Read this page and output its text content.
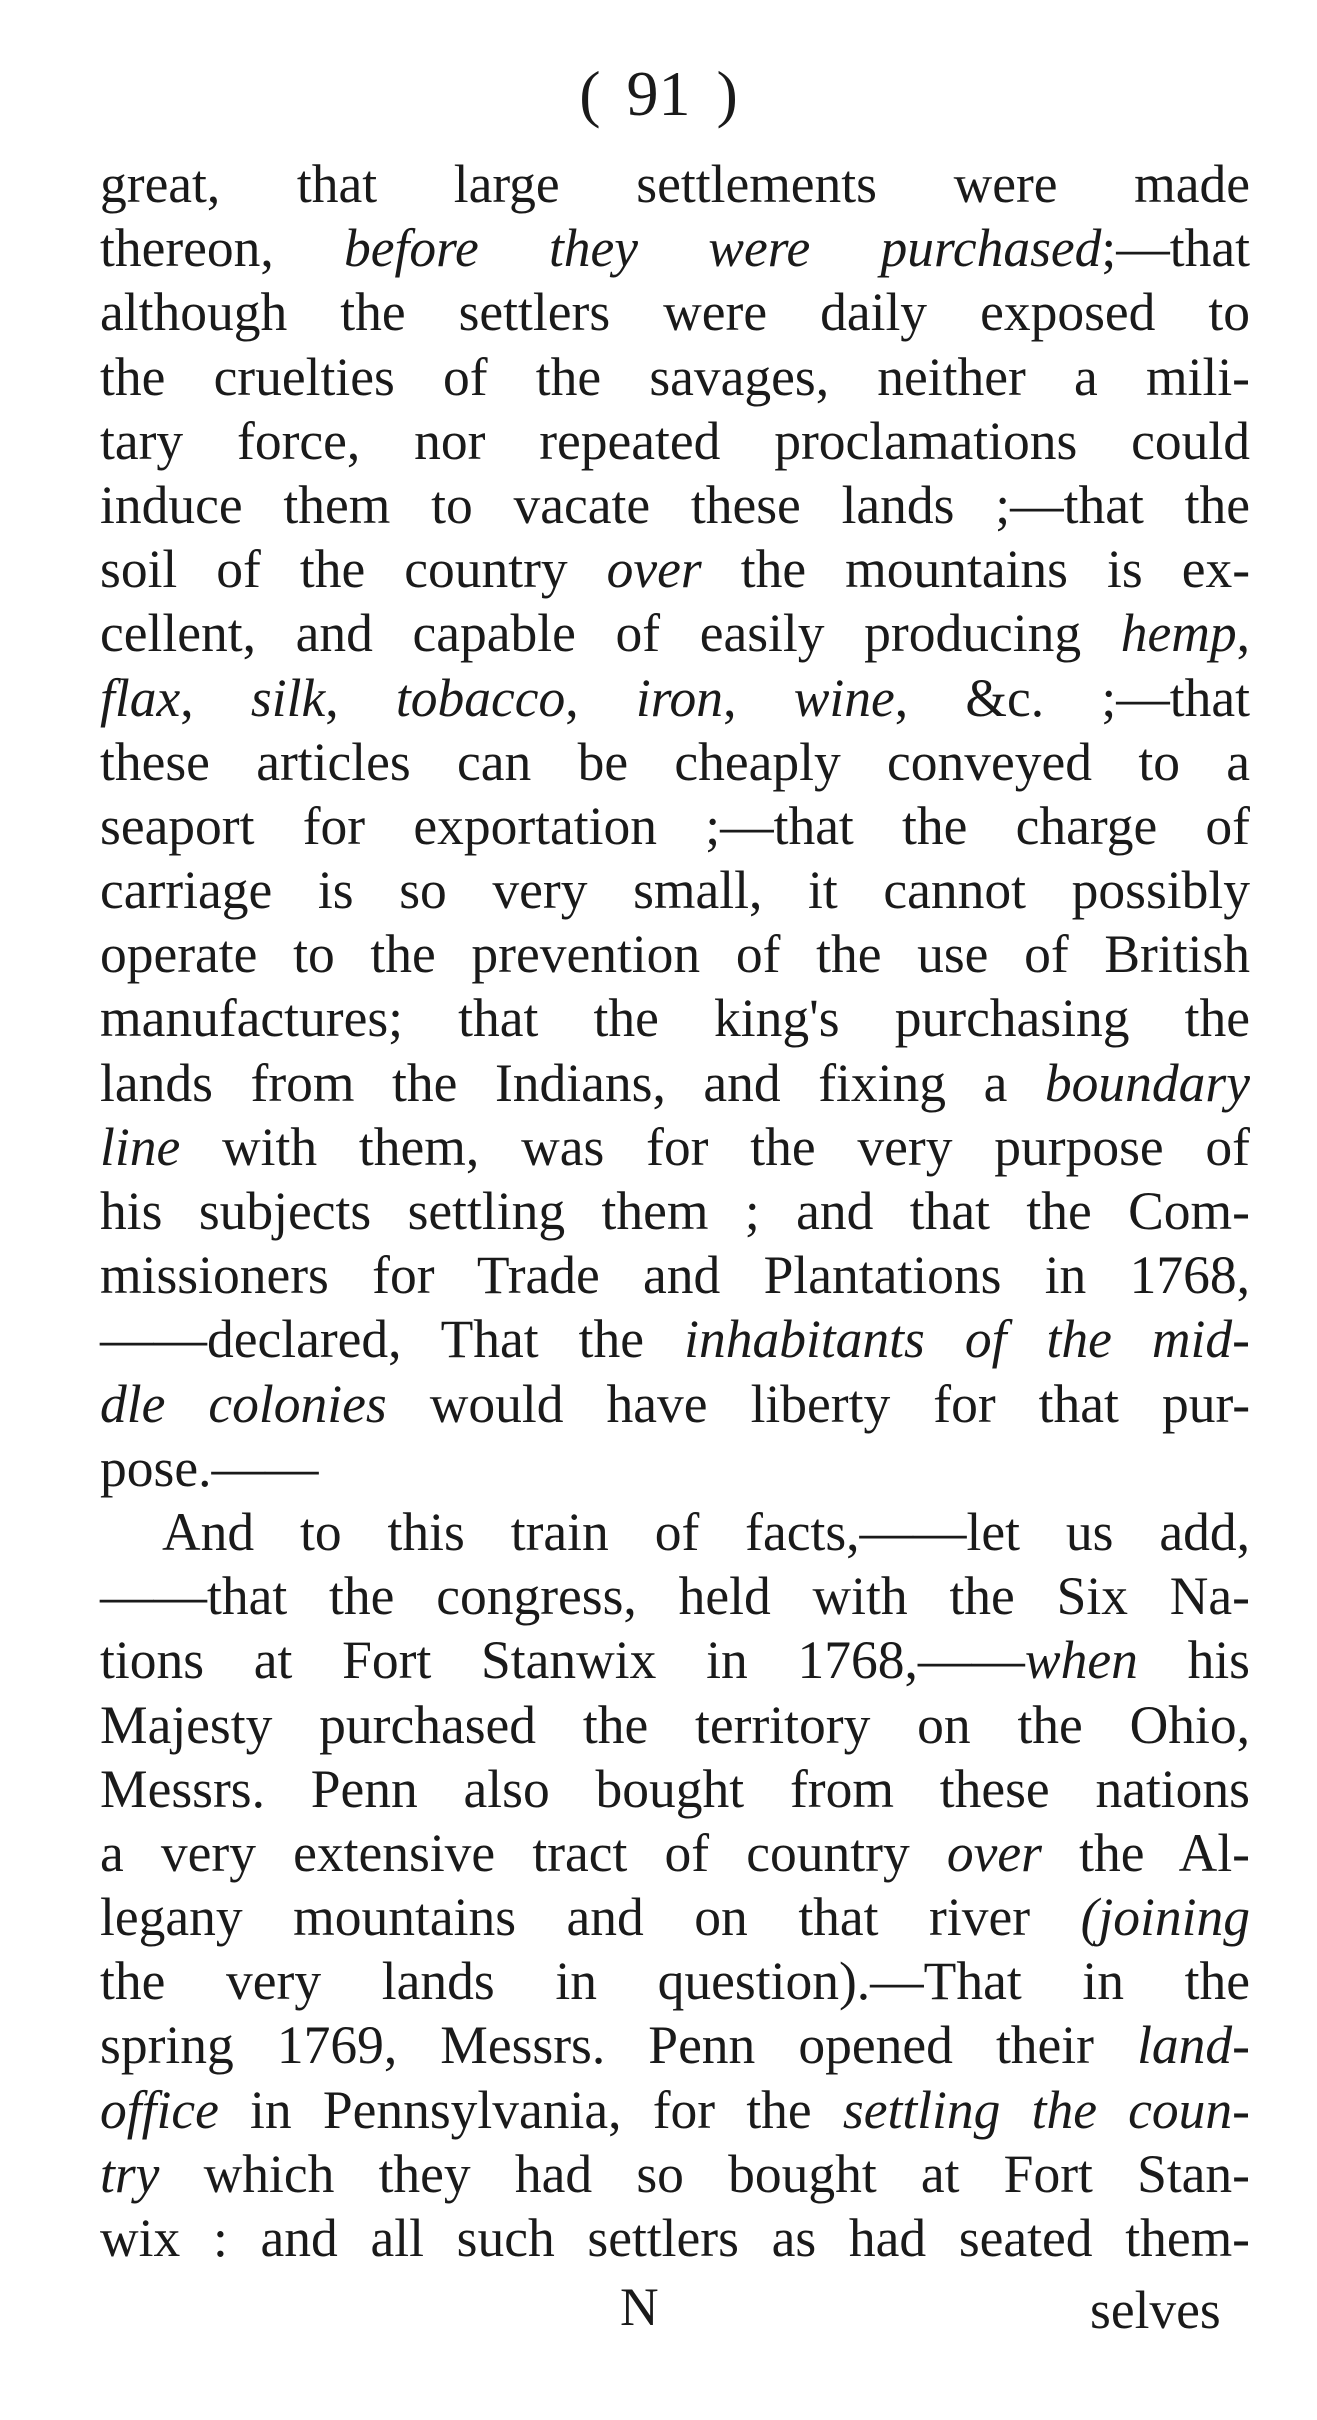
( 91 )
great, that large settlements were made
thereon, before they were purchased;—that
although the settlers were daily exposed to
the cruelties of the savages, neither a mili-
tary force, nor repeated proclamations could
induce them to vacate these lands ;—that the
soil of the country over the mountains is ex-
cellent, and capable of easily producing hemp,
flax, silk, tobacco, iron, wine, &c. ;—that
these articles can be cheaply conveyed to a
seaport for exportation ;—that the charge of
carriage is so very small, it cannot possibly
operate to the prevention of the use of British
manufactures; that the king's purchasing the
lands from the Indians, and fixing a boundary
line with them, was for the very purpose of
his subjects settling them ; and that the Com-
missioners for Trade and Plantations in 1768,
——declared, That the inhabitants of the mid-
dle colonies would have liberty for that pur-
pose.——
And to this train of facts,——let us add,
——that the congress, held with the Six Na-
tions at Fort Stanwix in 1768,——when his
Majesty purchased the territory on the Ohio,
Messrs. Penn also bought from these nations
a very extensive tract of country over the Al-
legany mountains and on that river (joining
the very lands in question).—That in the
spring 1769, Messrs. Penn opened their land-
office in Pennsylvania, for the settling the coun-
try which they had so bought at Fort Stan-
wix : and all such settlers as had seated them-
N	selves
